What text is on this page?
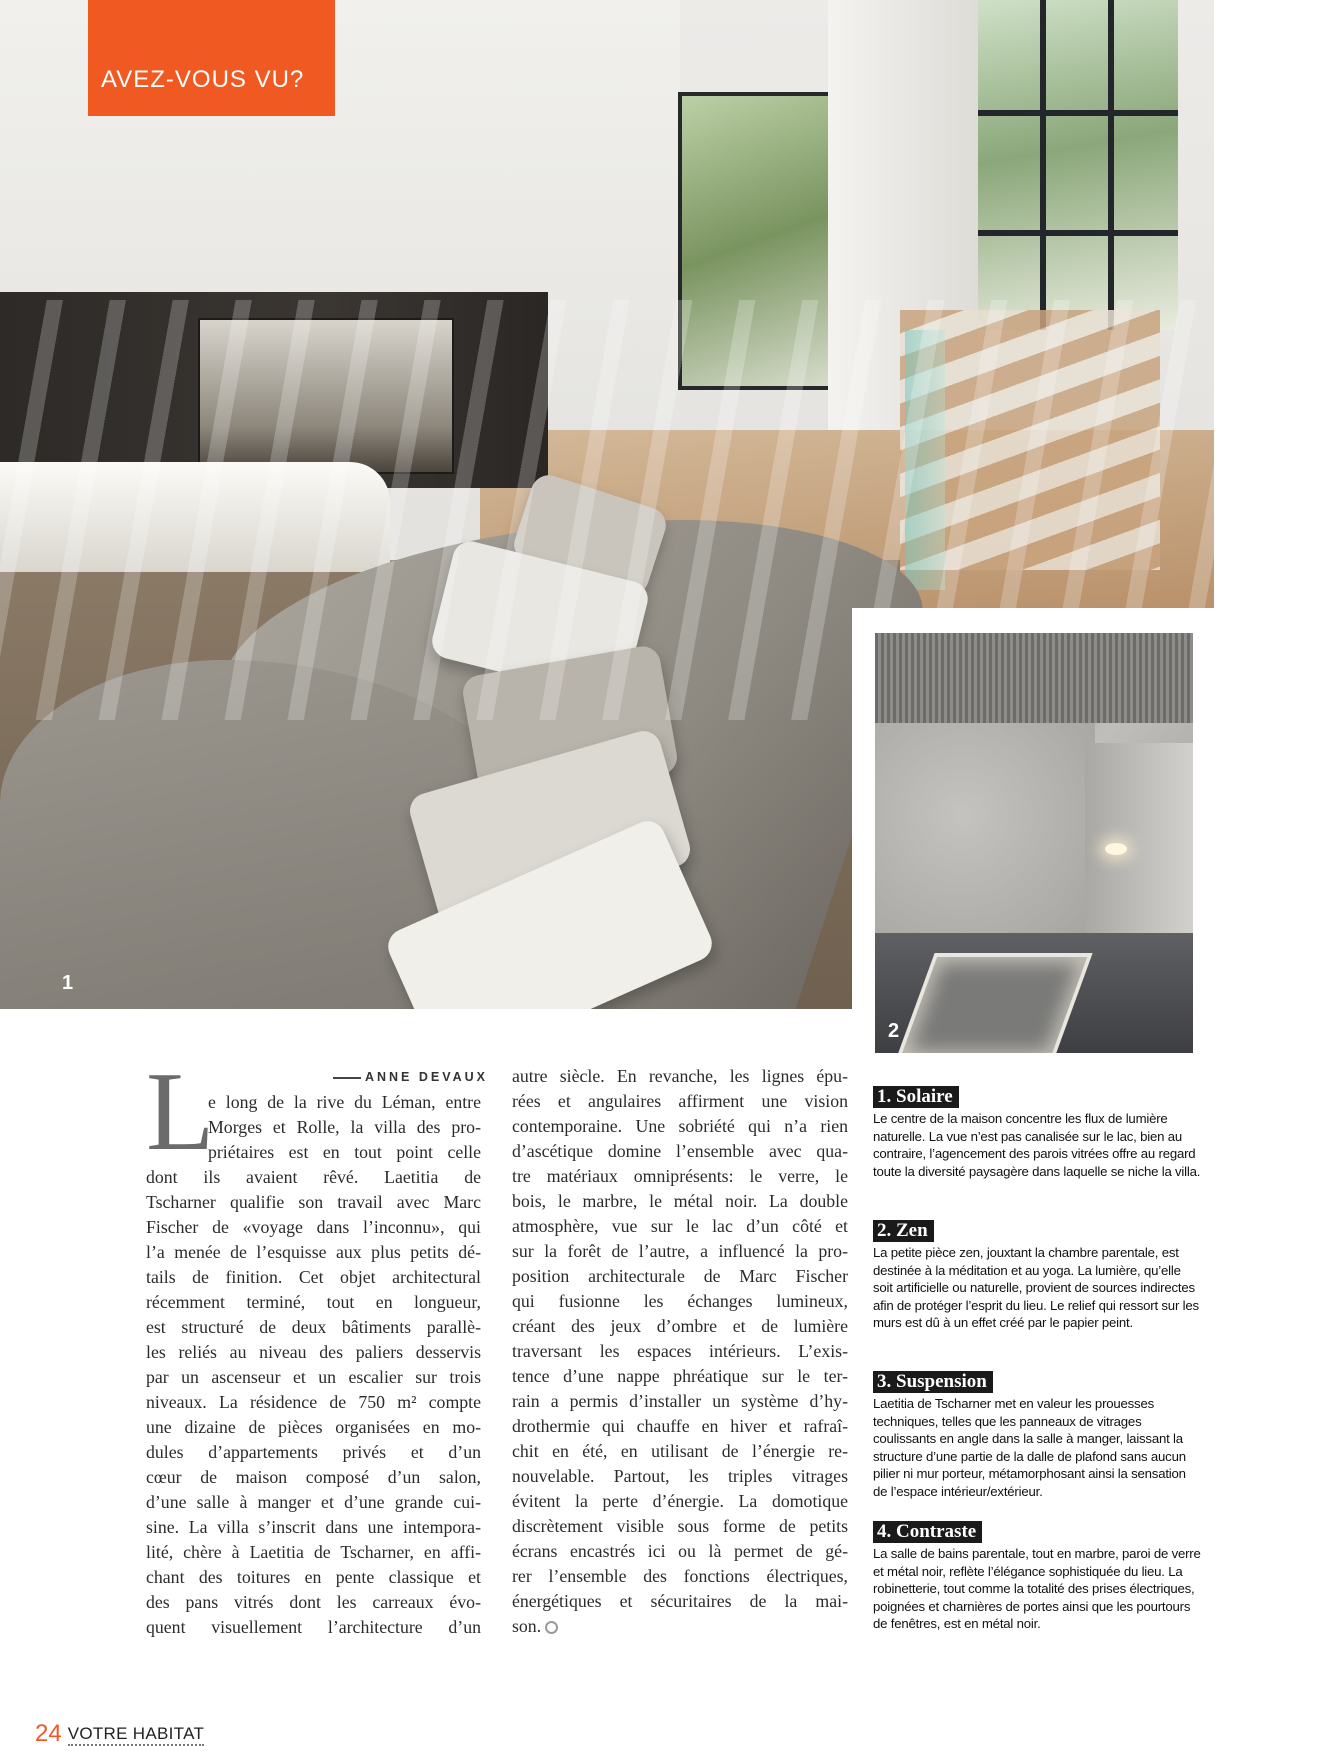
AVEZ-VOUS VU?
1
2
L	ANNE DEVAUX
e long de la rive du Léman, entre
Morges et Rolle, la villa des pro-
priétaires est en tout point celle
dont ils avaient rêvé. Laetitia de
Tscharner qualifie son travail avec Marc
Fischer de «voyage dans l’inconnu», qui
l’a menée de l’esquisse aux plus petits dé-
tails de finition. Cet objet architectural
récemment terminé, tout en longueur,
est structuré de deux bâtiments parallè-
les reliés au niveau des paliers desservis
par un ascenseur et un escalier sur trois
niveaux. La résidence de 750 m² compte
une dizaine de pièces organisées en mo-
dules d’appartements privés et d’un
cœur de maison composé d’un salon,
d’une salle à manger et d’une grande cui-
sine. La villa s’inscrit dans une intempora-
lité, chère à Laetitia de Tscharner, en affi-
chant des toitures en pente classique et
des pans vitrés dont les carreaux évo-
quent visuellement l’architecture d’un
autre siècle. En revanche, les lignes épu-
rées et angulaires affirment une vision
contemporaine. Une sobriété qui n’a rien
d’ascétique domine l’ensemble avec qua-
tre matériaux omniprésents: le verre, le
bois, le marbre, le métal noir. La double
atmosphère, vue sur le lac d’un côté et
sur la forêt de l’autre, a influencé la pro-
position architecturale de Marc Fischer
qui fusionne les échanges lumineux,
créant des jeux d’ombre et de lumière
traversant les espaces intérieurs. L’exis-
tence d’une nappe phréatique sur le ter-
rain a permis d’installer un système d’hy-
drothermie qui chauffe en hiver et rafraî-
chit en été, en utilisant de l’énergie re-
nouvelable. Partout, les triples vitrages
évitent la perte d’énergie. La domotique
discrètement visible sous forme de petits
écrans encastrés ici ou là permet de gé-
rer l’ensemble des fonctions électriques,
énergétiques et sécuritaires de la mai-
son.
1. Solaire

Le centre de la maison concentre les flux de lumière naturelle. La vue n’est pas canalisée sur le lac, bien au contraire, l’agencement des parois vitrées offre au regard toute la diversité paysagère dans laquelle se niche la villa.

2. Zen

La petite pièce zen, jouxtant la chambre parentale, est destinée à la méditation et au yoga. La lumière, qu’elle soit artificielle ou naturelle, provient de sources indirectes afin de protéger l’esprit du lieu. Le relief qui ressort sur les murs est dû à un effet créé par le papier peint.

3. Suspension

Laetitia de Tscharner met en valeur les prouesses techniques, telles que les panneaux de vitrages coulissants en angle dans la salle à manger, laissant la structure d’une partie de la dalle de plafond sans aucun pilier ni mur porteur, métamorphosant ainsi la sensation de l’espace intérieur/extérieur.

4. Contraste

La salle de bains parentale, tout en marbre, paroi de verre et métal noir, reflète l’élégance sophistiquée du lieu. La robinetterie, tout comme la totalité des prises électriques, poignées et charnières de portes ainsi que les pourtours de fenêtres, est en métal noir.

24 VOTRE HABITAT
